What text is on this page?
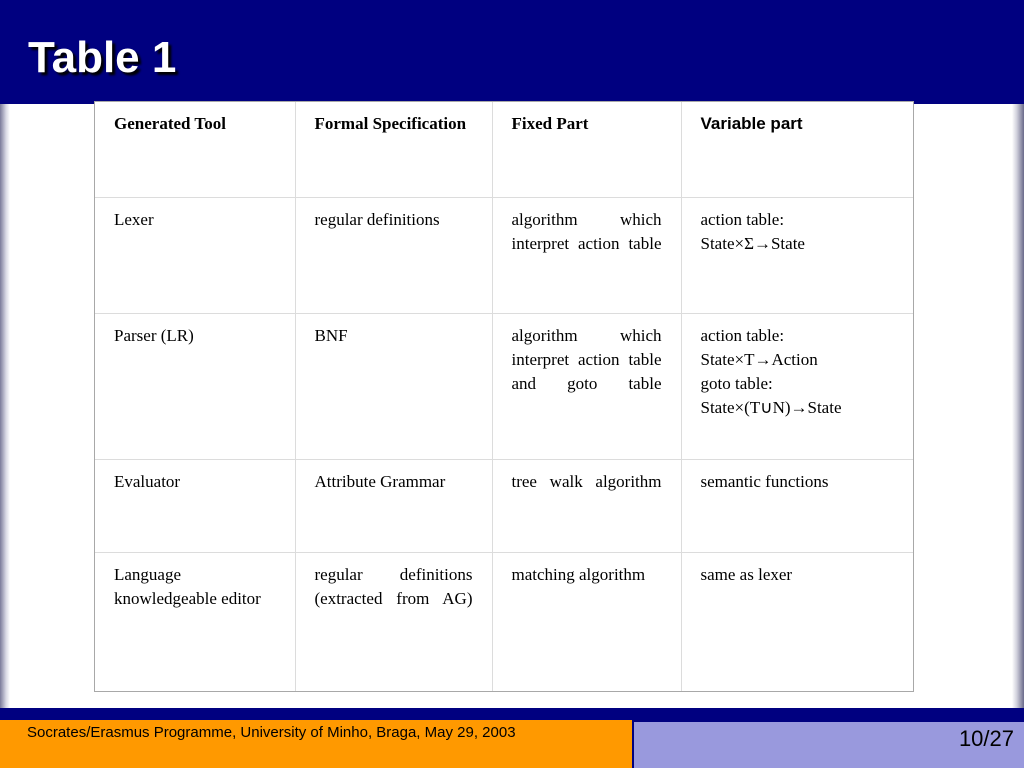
Table 1
Generated Tool	Formal Specification	Fixed Part	Variable part
Lexer	regular definitions	algorithm which interpret action table	action table:
State×Σ→State

Parser (LR)	BNF	algorithm which interpret action table and goto table	action table:
State×T→Action
goto table:
State×(T∪N)→State

Evaluator	Attribute Grammar	tree walk algorithm	semantic functions

Language knowledgeable editor	regular definitions (extracted from AG)	matching algorithm	same as lexer
Socrates/Erasmus Programme, University of Minho, Braga, May 29, 2003	10/27
